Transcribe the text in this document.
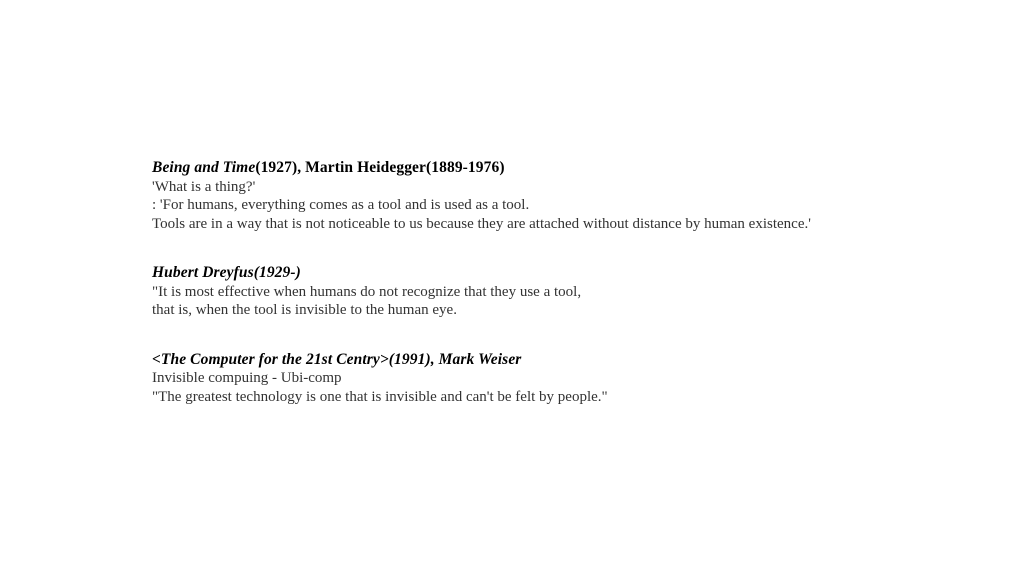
Being and Time(1927), Martin Heidegger(1889-1976)
'What is a thing?'
: 'For humans, everything comes as a tool and is used as a tool.
Tools are in a way that is not noticeable to us because they are attached without distance by human existence.'
Hubert Dreyfus(1929-)
"It is most effective when humans do not recognize that they use a tool,
that is, when the tool is invisible to the human eye.
<The Computer for the 21st Centry>(1991), Mark Weiser
Invisible compuing - Ubi-comp
"The greatest technology is one that is invisible and can't be felt by people."
